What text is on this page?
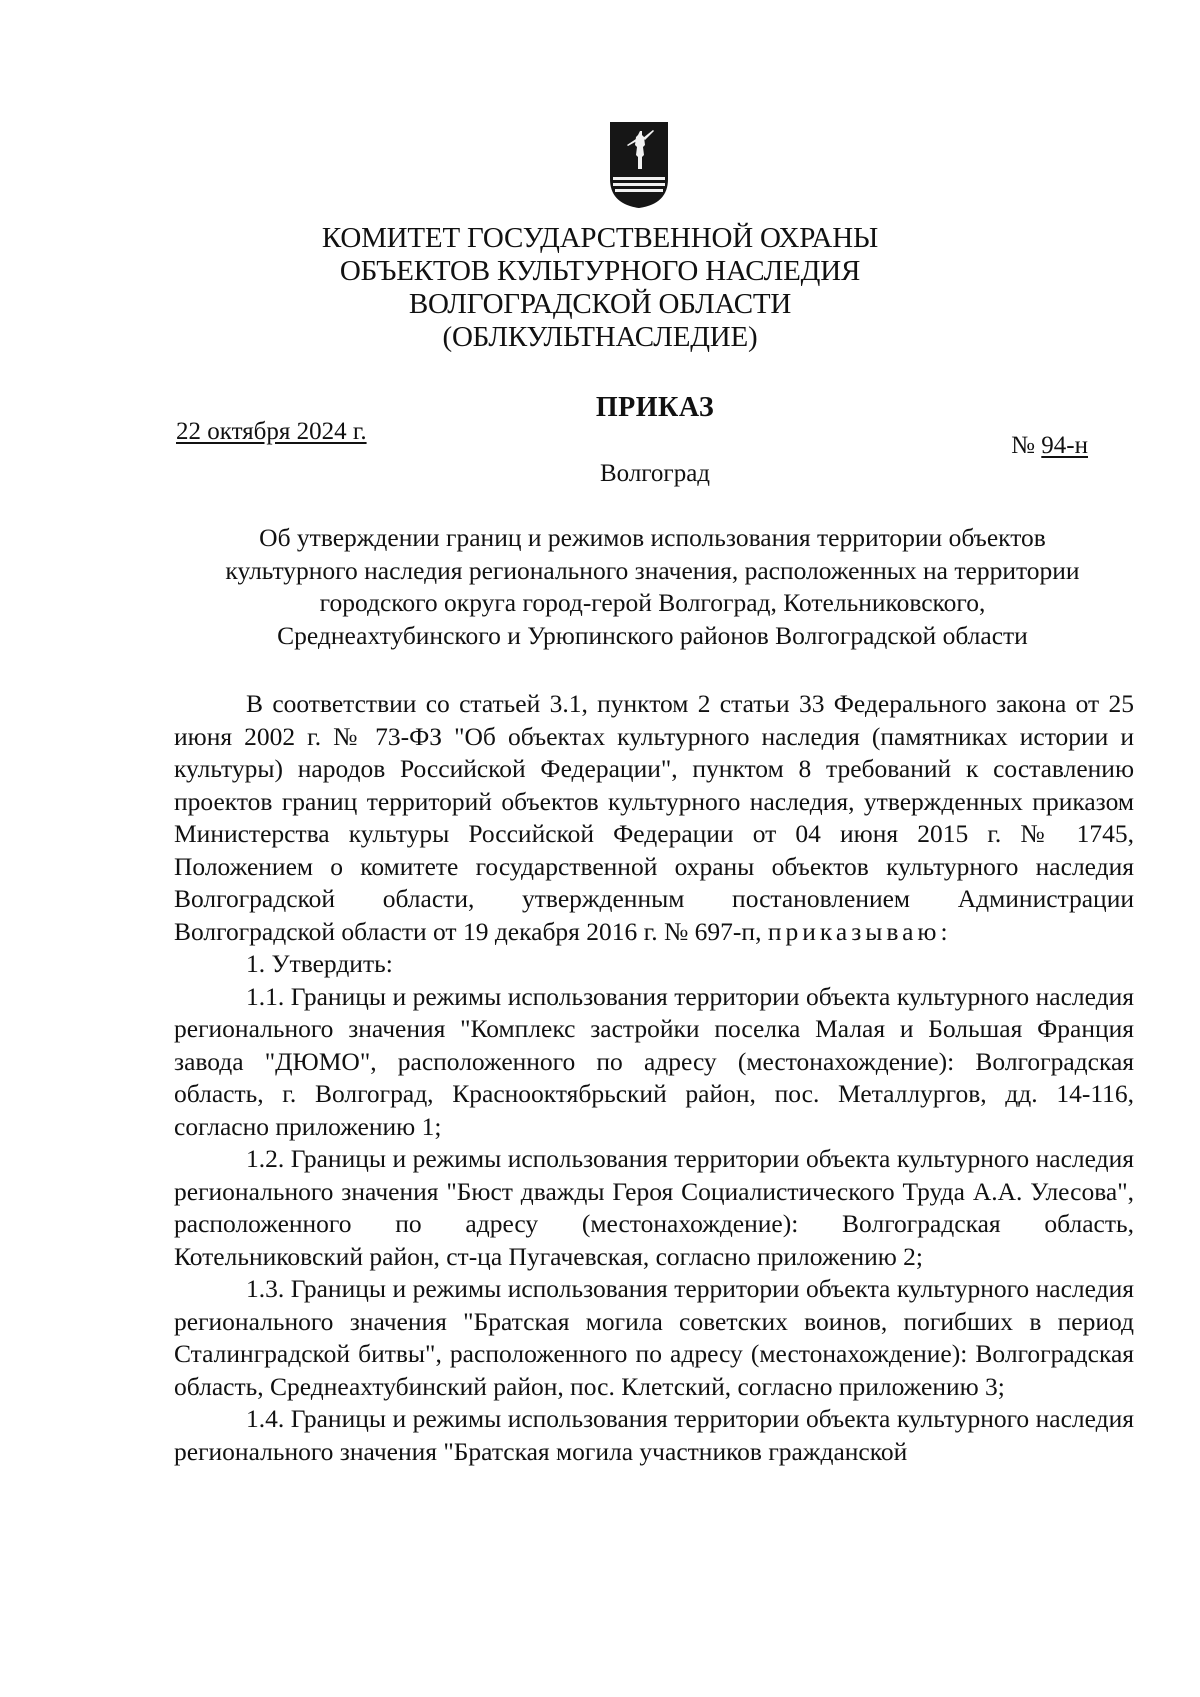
КОМИТЕТ ГОСУДАРСТВЕННОЙ ОХРАНЫ
ОБЪЕКТОВ КУЛЬТУРНОГО НАСЛЕДИЯ
ВОЛГОГРАДСКОЙ ОБЛАСТИ
(ОБЛКУЛЬТНАСЛЕДИЕ)
ПРИКАЗ
22 октября 2024 г.
№ 94-н
Волгоград
Об утверждении границ и режимов использования территории объектов
культурного наследия регионального значения, расположенных на территории
городского округа город-герой Волгоград, Котельниковского,
Среднеахтубинского и Урюпинского районов Волгоградской области

В соответствии со статьей 3.1, пунктом 2 статьи 33 Федерального закона от 25 июня 2002 г. № 73-ФЗ "Об объектах культурного наследия (памятниках истории и культуры) народов Российской Федерации", пунктом 8 требований к составлению проектов границ территорий объектов культурного наследия, утвержденных приказом Министерства культуры Российской Федерации от 04 июня 2015 г. № 1745, Положением о комитете государственной охраны объектов культурного наследия Волгоградской области, утвержденным постановлением Администрации Волгоградской области от 19 декабря 2016 г. № 697-п, приказываю:

1. Утвердить:

1.1. Границы и режимы использования территории объекта культурного наследия регионального значения "Комплекс застройки поселка Малая и Большая Франция завода "ДЮМО", расположенного по адресу (местонахождение): Волгоградская область, г. Волгоград, Краснооктябрьский район, пос. Металлургов, дд. 14-116, согласно приложению 1;

1.2. Границы и режимы использования территории объекта культурного наследия регионального значения "Бюст дважды Героя Социалистического Труда А.А. Улесова", расположенного по адресу (местонахождение): Волгоградская область, Котельниковский район, ст-ца Пугачевская, согласно приложению 2;

1.3. Границы и режимы использования территории объекта культурного наследия регионального значения "Братская могила советских воинов, погибших в период Сталинградской битвы", расположенного по адресу (местонахождение): Волгоградская область, Среднеахтубинский район, пос. Клетский, согласно приложению 3;

1.4. Границы и режимы использования территории объекта культурного наследия регионального значения "Братская могила участников гражданской
